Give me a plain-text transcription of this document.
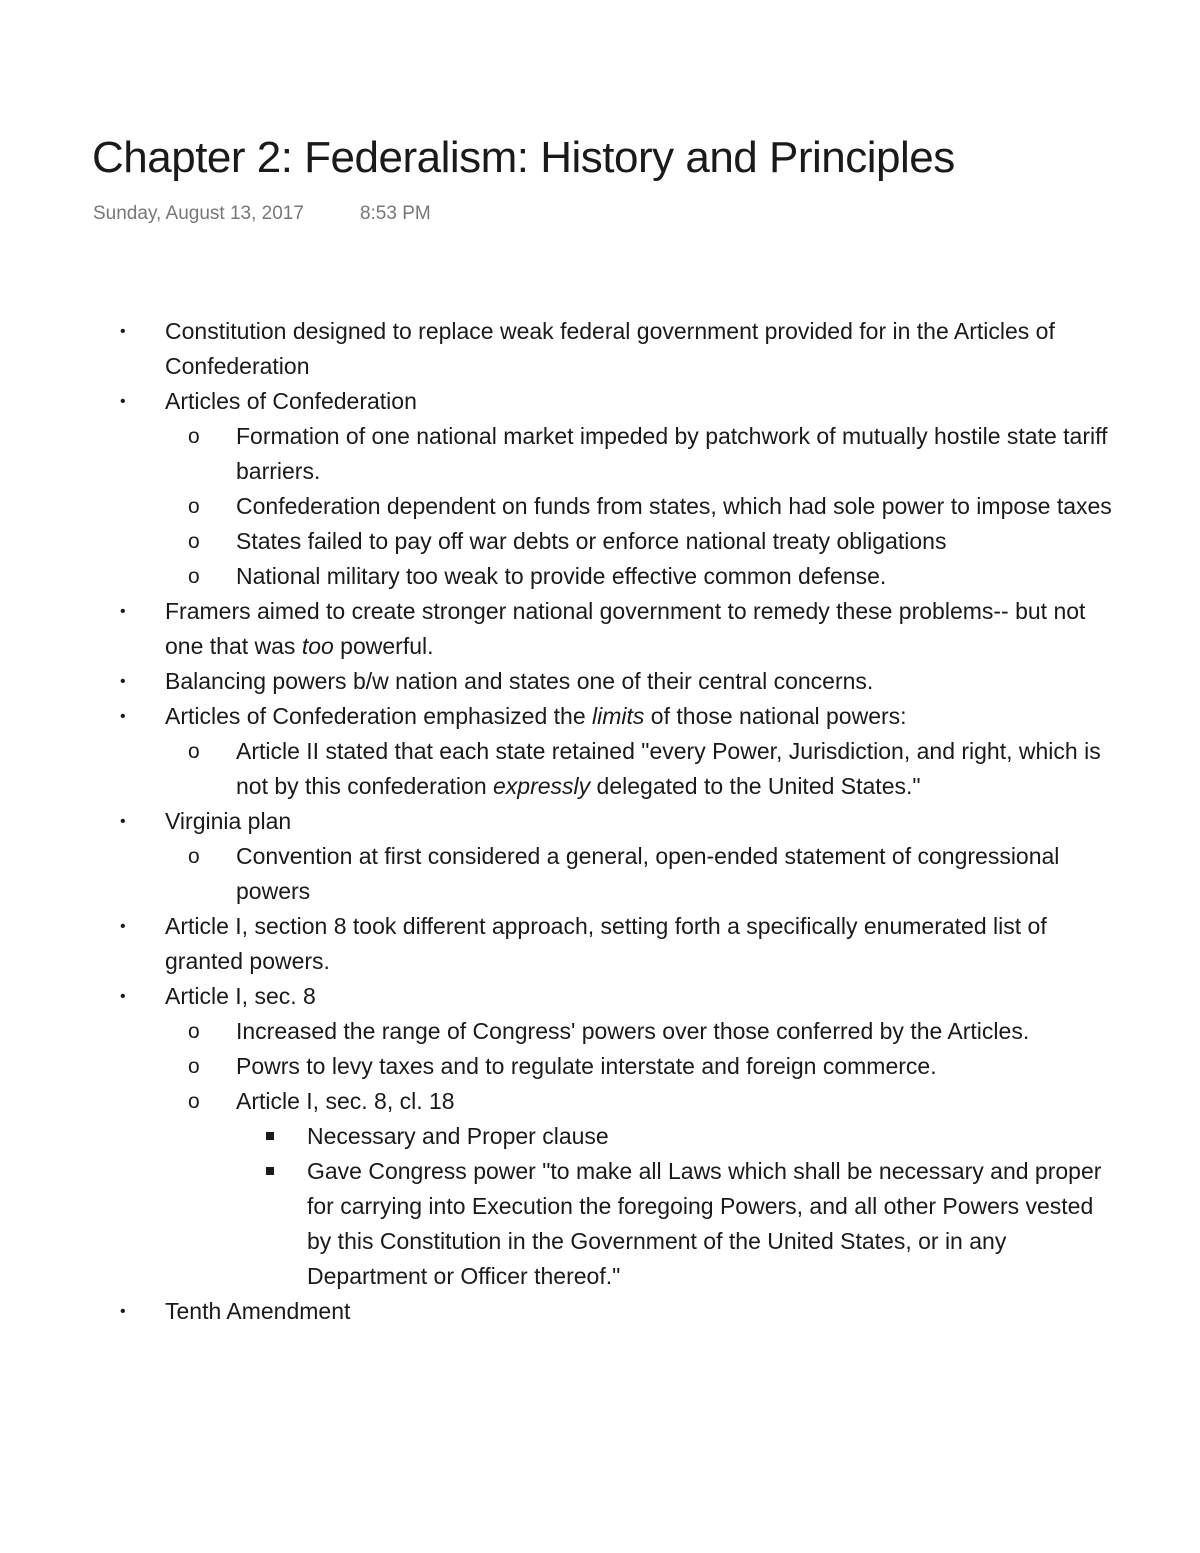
Chapter 2: Federalism: History and Principles
Sunday, August 13, 2017	8:53 PM
• Constitution designed to replace weak federal government provided for in the Articles of Confederation
• Articles of Confederation
o Formation of one national market impeded by patchwork of mutually hostile state tariff barriers.
o Confederation dependent on funds from states, which had sole power to impose taxes
o States failed to pay off war debts or enforce national treaty obligations
o National military too weak to provide effective common defense.
• Framers aimed to create stronger national government to remedy these problems-- but not one that was too powerful.
• Balancing powers b/w nation and states one of their central concerns.
• Articles of Confederation emphasized the limits of those national powers:
o Article II stated that each state retained "every Power, Jurisdiction, and right, which is not by this confederation expressly delegated to the United States."
• Virginia plan
o Convention at first considered a general, open-ended statement of congressional powers
• Article I, section 8 took different approach, setting forth a specifically enumerated list of granted powers.
• Article I, sec. 8
o Increased the range of Congress' powers over those conferred by the Articles.
o Powrs to levy taxes and to regulate interstate and foreign commerce.
o Article I, sec. 8, cl. 18
Necessary and Proper clause
Gave Congress power "to make all Laws which shall be necessary and proper for carrying into Execution the foregoing Powers, and all other Powers vested by this Constitution in the Government of the United States, or in any Department or Officer thereof."
• Tenth Amendment
